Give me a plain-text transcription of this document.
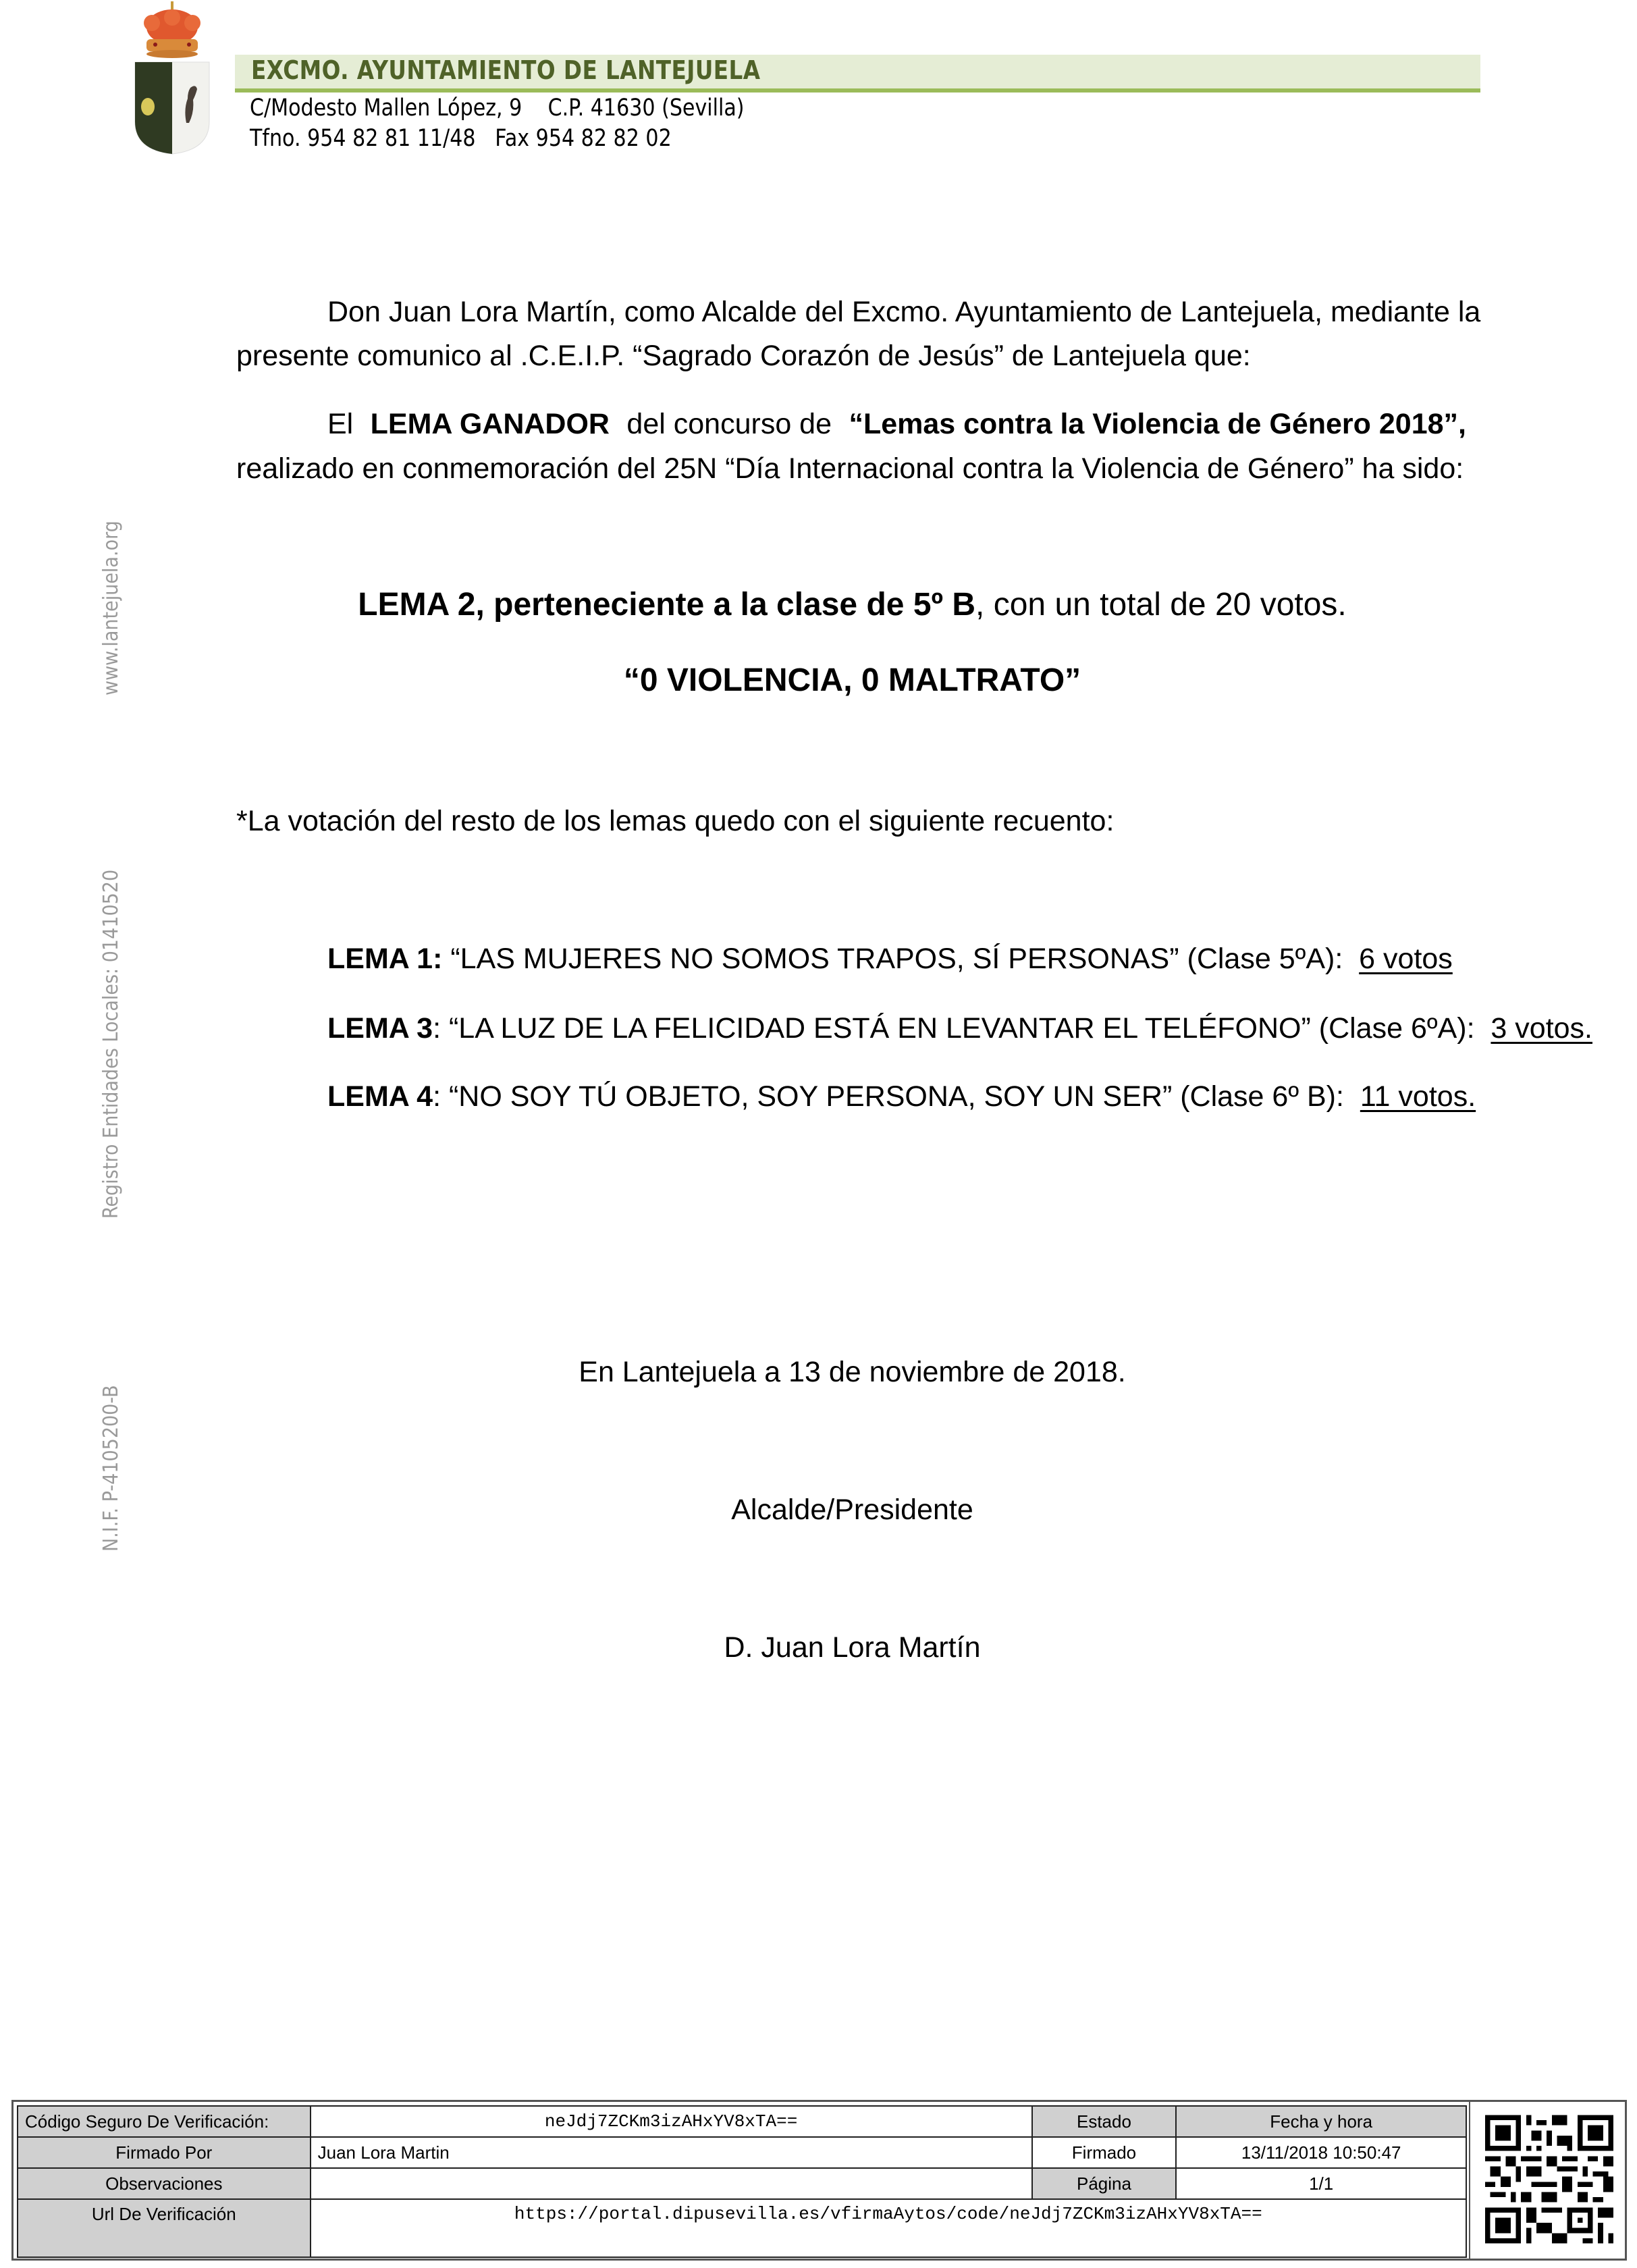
EXCMO. AYUNTAMIENTO DE LANTEJUELA
C/Modesto Mallen López, 9    C.P. 41630 (Sevilla)
Tfno. 954 82 81 11/48   Fax 954 82 82 02
www.lantejuela.org
Registro Entidades Locales: 01410520
N.I.F. P-4105200-B
Don Juan Lora Martín, como Alcalde del Excmo. Ayuntamiento de Lantejuela, mediante la
presente comunico al .C.E.I.P. “Sagrado Corazón de Jesús” de Lantejuela que:
El LEMA GANADOR del concurso de “Lemas contra la Violencia de Género 2018”,
realizado en conmemoración del 25N “Día Internacional contra la Violencia de Género” ha sido:
LEMA 2, perteneciente a la clase de 5º B, con un total de 20 votos.
“0 VIOLENCIA, 0 MALTRATO”
*La votación del resto de los lemas quedo con el siguiente recuento:
LEMA 1: “LAS MUJERES NO SOMOS TRAPOS, SÍ PERSONAS” (Clase 5ºA):  6 votos
LEMA 3: “LA LUZ DE LA FELICIDAD ESTÁ EN LEVANTAR EL TELÉFONO” (Clase 6ºA):  3 votos.
LEMA 4: “NO SOY TÚ OBJETO, SOY PERSONA, SOY UN SER” (Clase 6º B):  11 votos.
En Lantejuela a 13 de noviembre de 2018.
Alcalde/Presidente
D. Juan Lora Martín
Código Seguro De Verificación:	neJdj7ZCKm3izAHxYV8xTA==	Estado	Fecha y hora
Firmado Por	Juan Lora Martin	Firmado	13/11/2018 10:50:47
Observaciones		Página	1/1
Url De Verificación	https://portal.dipusevilla.es/vfirmaAytos/code/neJdj7ZCKm3izAHxYV8xTA==		
